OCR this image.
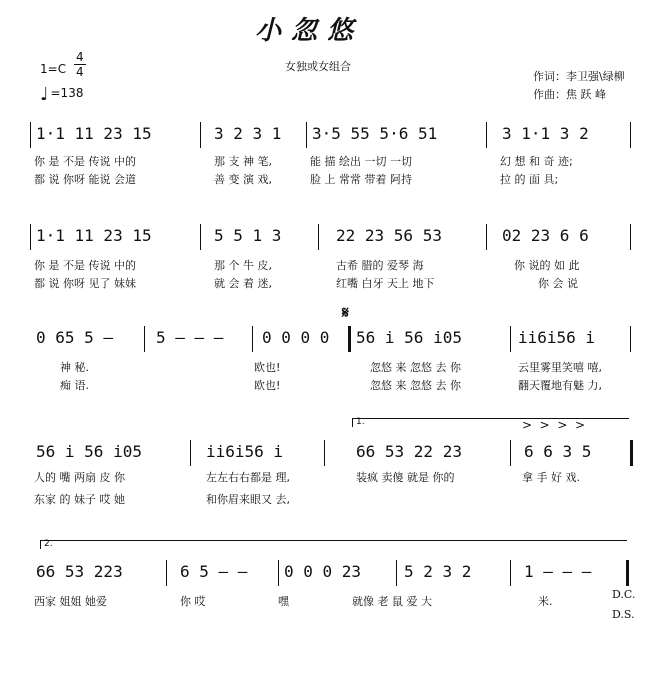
小忽悠
女独或女组合
1=C
4
4
♩ =138
作词：李卫强\绿柳
作曲：焦 跃 峰
1·1 11 23 15	3 2 3 1 3·5 55 5·6 51	3 1·1 3 2
你 是 不是 传说 中的	那 支 神 笔,	能 描 绘出 一切 一切	幻 想 和 奇 迹;
都 说 你呀 能说 会道	善 变 演 戏,	脸 上 常常 带着 阿持	拉 的 面 具;
1·1 11 23 15	5 5 1 3	22 23 56 53	02 23 6 6
你 是 不是 传说 中的	那 个 牛 皮,	古希 腊的 爱琴 海	你 说的 如 此
都 说 你呀 见了 妹妹	就 会 着 迷,	红嘴 白牙 天上 地下	你 会 说
𝄋
0 65 5 –	5 – – – 0 0 0 0 56 i 56 i05	ii6i56 i
神 秘.	欧也!	忽悠 来 忽悠 去 你	云里雾里笑嘻 嘻,
痴 语.	欧也!	忽悠 来 忽悠 去 你	翻天覆地有魅 力,
1.	>  >  >  >
56 i 56 i05	ii6i56 i	66 53 22 23	6 6 3 5
人的 嘴 两扇 皮 你	左左右右都是 理,	装疯 卖傻 就是 你的	拿 手 好 戏.
东家 的 妹子 哎 她	和你眉来眼又 去,
2.
66 53 223	6 5 – – 0 0 0 23	5 2 3 2	1 – – –
西家 姐姐 她爱	你 哎	嘿	就像 老 鼠 爱 大	米.
D.C.
D.S.
